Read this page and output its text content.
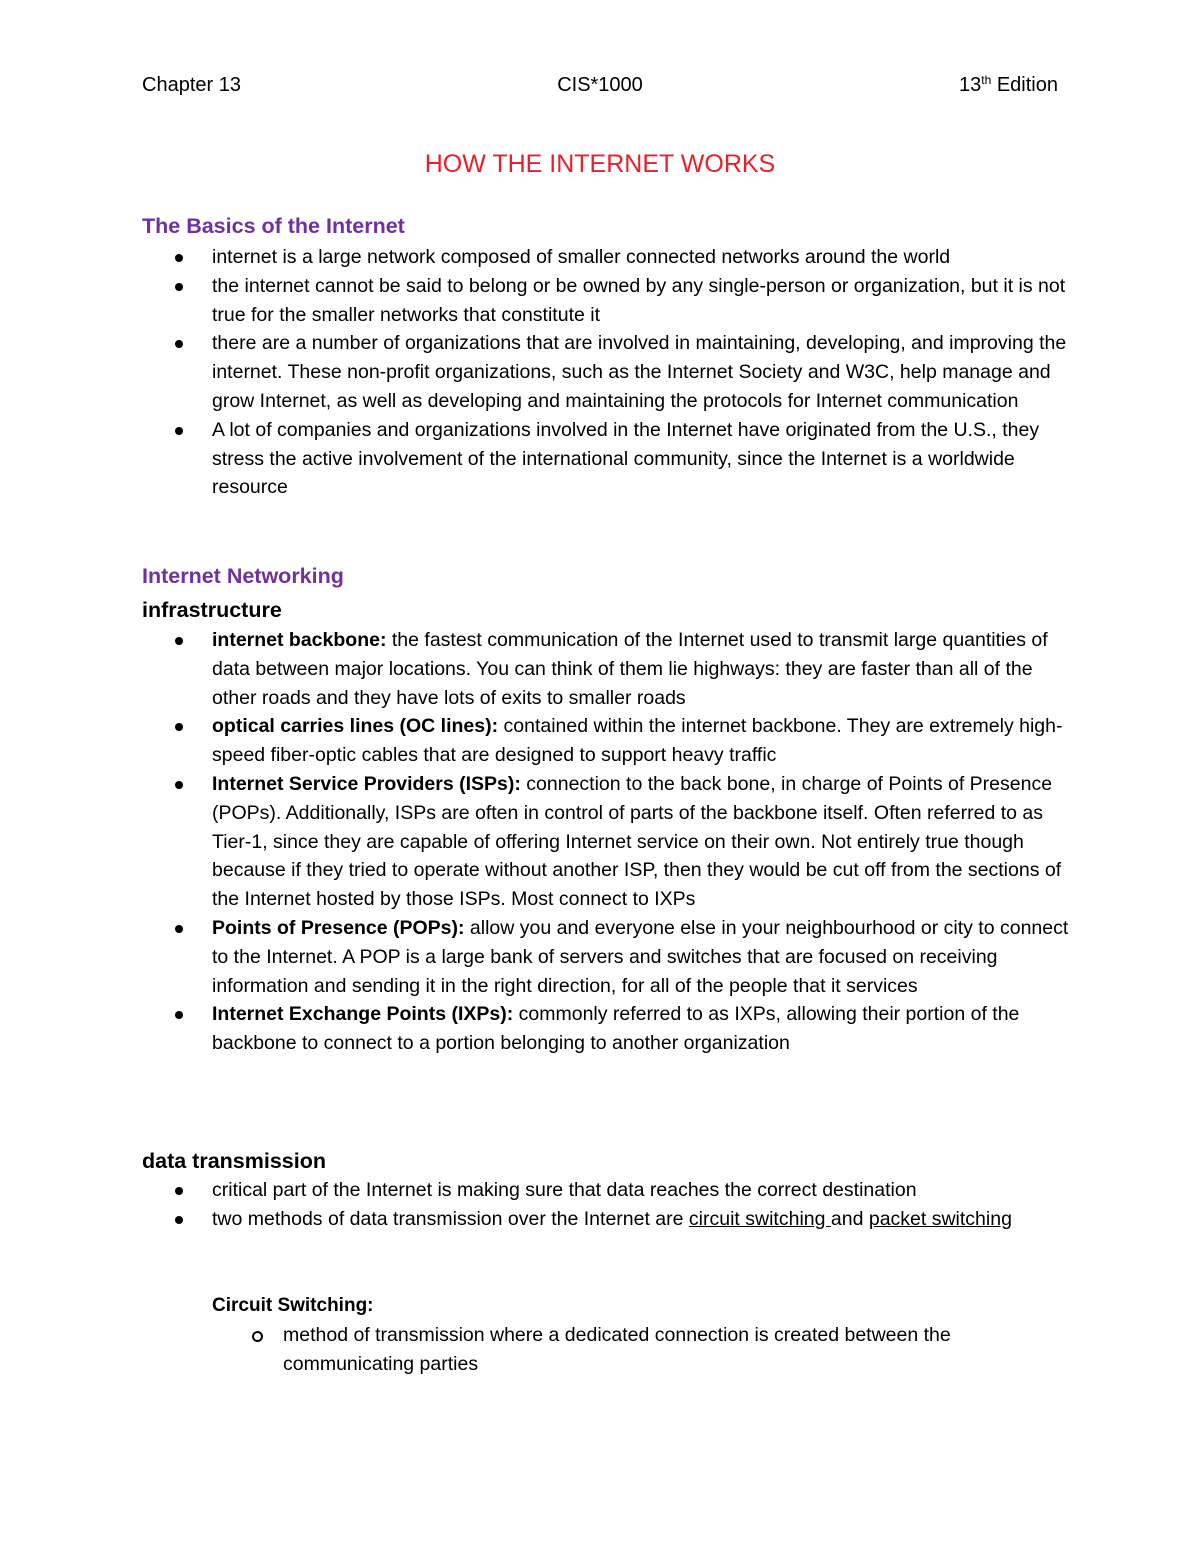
Chapter 13	CIS*1000	13th Edition
HOW THE INTERNET WORKS
The Basics of the Internet
internet is a large network composed of smaller connected networks around the world
the internet cannot be said to belong or be owned by any single-person or organization, but it is not true for the smaller networks that constitute it
there are a number of organizations that are involved in maintaining, developing, and improving the internet. These non-profit organizations, such as the Internet Society and W3C, help manage and grow Internet, as well as developing and maintaining the protocols for Internet communication
A lot of companies and organizations involved in the Internet have originated from the U.S., they stress the active involvement of the international community, since the Internet is a worldwide resource
Internet Networking
infrastructure
internet backbone: the fastest communication of the Internet used to transmit large quantities of data between major locations. You can think of them lie highways: they are faster than all of the other roads and they have lots of exits to smaller roads
optical carries lines (OC lines): contained within the internet backbone. They are extremely high-speed fiber-optic cables that are designed to support heavy traffic
Internet Service Providers (ISPs): connection to the back bone, in charge of Points of Presence (POPs). Additionally, ISPs are often in control of parts of the backbone itself. Often referred to as Tier-1, since they are capable of offering Internet service on their own. Not entirely true though because if they tried to operate without another ISP, then they would be cut off from the sections of the Internet hosted by those ISPs. Most connect to IXPs
Points of Presence (POPs): allow you and everyone else in your neighbourhood or city to connect to the Internet. A POP is a large bank of servers and switches that are focused on receiving information and sending it in the right direction, for all of the people that it services
Internet Exchange Points (IXPs): commonly referred to as IXPs, allowing their portion of the backbone to connect to a portion belonging to another organization
data transmission
critical part of the Internet is making sure that data reaches the correct destination
two methods of data transmission over the Internet are circuit switching and packet switching
Circuit Switching:
method of transmission where a dedicated connection is created between the communicating parties
